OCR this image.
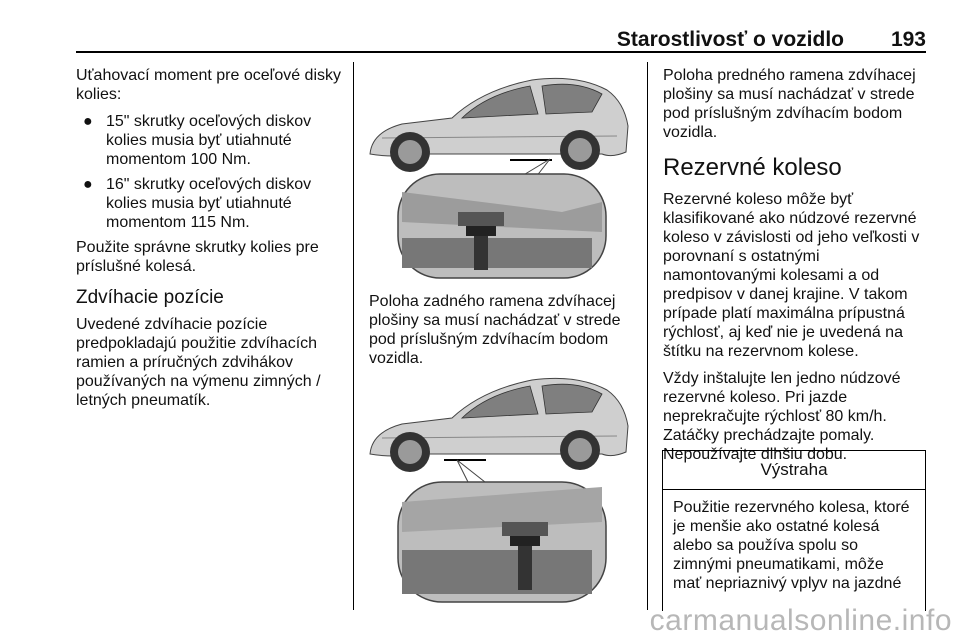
Starostlivosť o vozidlo 193

Uťahovací moment pre oceľové disky kolies:

● 15" skrutky oceľových diskov kolies musia byť utiahnuté momentom 100 Nm.
● 16" skrutky oceľových diskov kolies musia byť utiahnuté momentom 115 Nm.

Použite správne skrutky kolies pre príslušné kolesá.

Zdvíhacie pozície

Uvedené zdvíhacie pozície predpokladajú použitie zdvíhacích ramien a príručných zdvihákov používaných na výmenu zimných / letných pneumatík.

Poloha zadného ramena zdvíhacej plošiny sa musí nachádzať v strede pod príslušným zdvíhacím bodom vozidla.

Poloha predného ramena zdvíhacej plošiny sa musí nachádzať v strede pod príslušným zdvíhacím bodom vozidla.

Rezervné koleso

Rezervné koleso môže byť klasifikované ako núdzové rezervné koleso v závislosti od jeho veľkosti v porovnaní s ostatnými namontovanými kolesami a od predpisov v danej krajine. V takom prípade platí maximálna prípustná rýchlosť, aj keď nie je uvedená na štítku na rezervnom kolese.

Vždy inštalujte len jedno núdzové rezervné koleso. Pri jazde neprekračujte rýchlosť 80 km/h. Zatáčky prechádzajte pomaly. Nepoužívajte dlhšiu dobu.

Výstraha
Použitie rezervného kolesa, ktoré je menšie ako ostatné kolesá alebo sa používa spolu so zimnými pneumatikami, môže mať nepriaznivý vplyv na jazdné
carmanualsonline.info
